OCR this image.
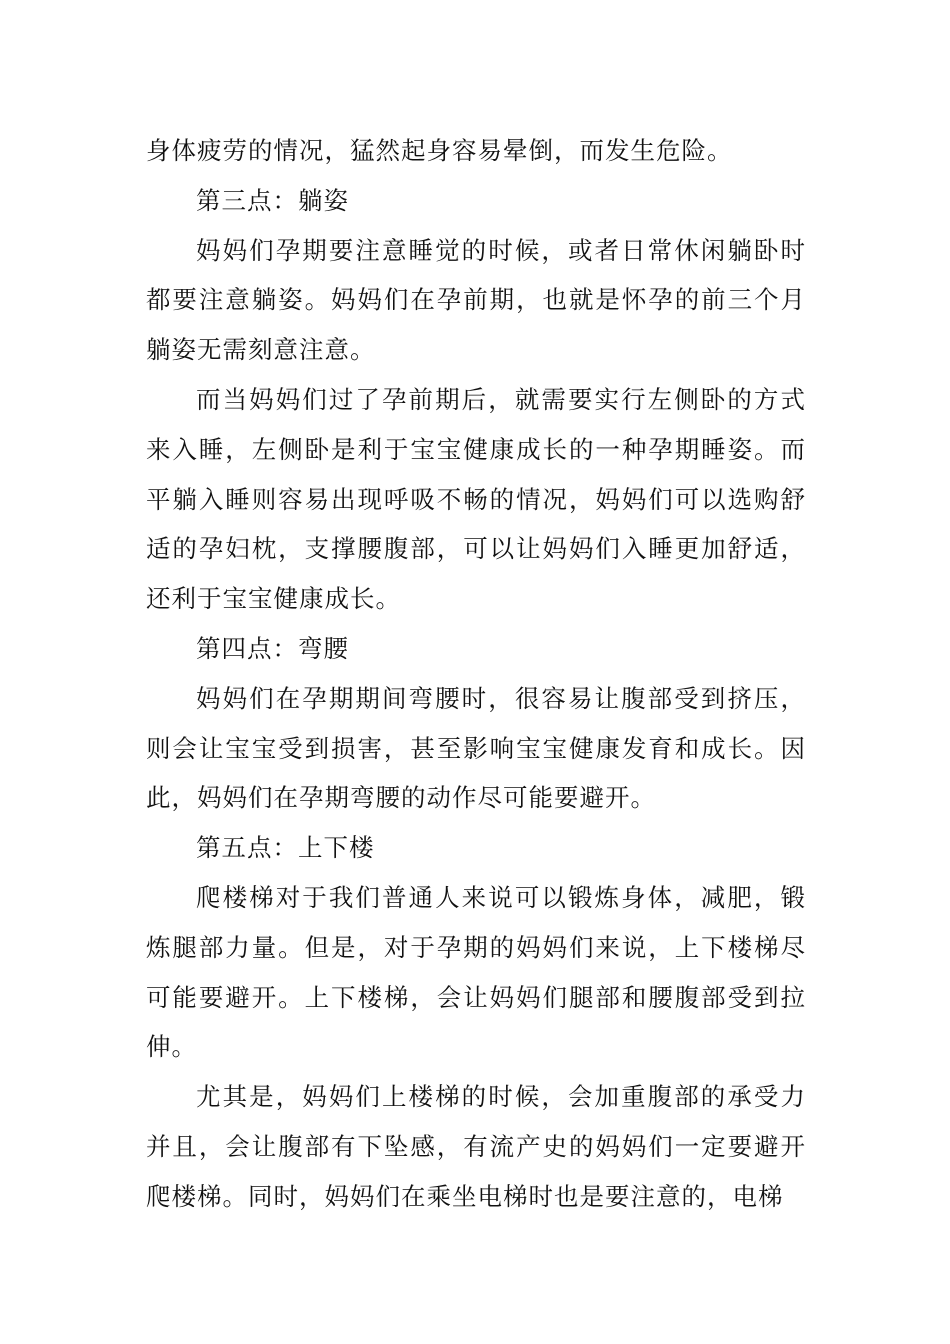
身体疲劳的情况，猛然起身容易晕倒，而发生危险。

第三点：躺姿

妈妈们孕期要注意睡觉的时候，或者日常休闲躺卧时都要注意躺姿。妈妈们在孕前期，也就是怀孕的前三个月躺姿无需刻意注意。

而当妈妈们过了孕前期后，就需要实行左侧卧的方式来入睡，左侧卧是利于宝宝健康成长的一种孕期睡姿。而平躺入睡则容易出现呼吸不畅的情况，妈妈们可以选购舒适的孕妇枕，支撑腰腹部，可以让妈妈们入睡更加舒适，还利于宝宝健康成长。

第四点：弯腰

妈妈们在孕期期间弯腰时，很容易让腹部受到挤压，则会让宝宝受到损害，甚至影响宝宝健康发育和成长。因此，妈妈们在孕期弯腰的动作尽可能要避开。

第五点：上下楼

爬楼梯对于我们普通人来说可以锻炼身体，减肥，锻炼腿部力量。但是，对于孕期的妈妈们来说，上下楼梯尽可能要避开。上下楼梯，会让妈妈们腿部和腰腹部受到拉伸。

尤其是，妈妈们上楼梯的时候，会加重腹部的承受力并且，会让腹部有下坠感，有流产史的妈妈们一定要避开爬楼梯。同时，妈妈们在乘坐电梯时也是要注意的，电梯
